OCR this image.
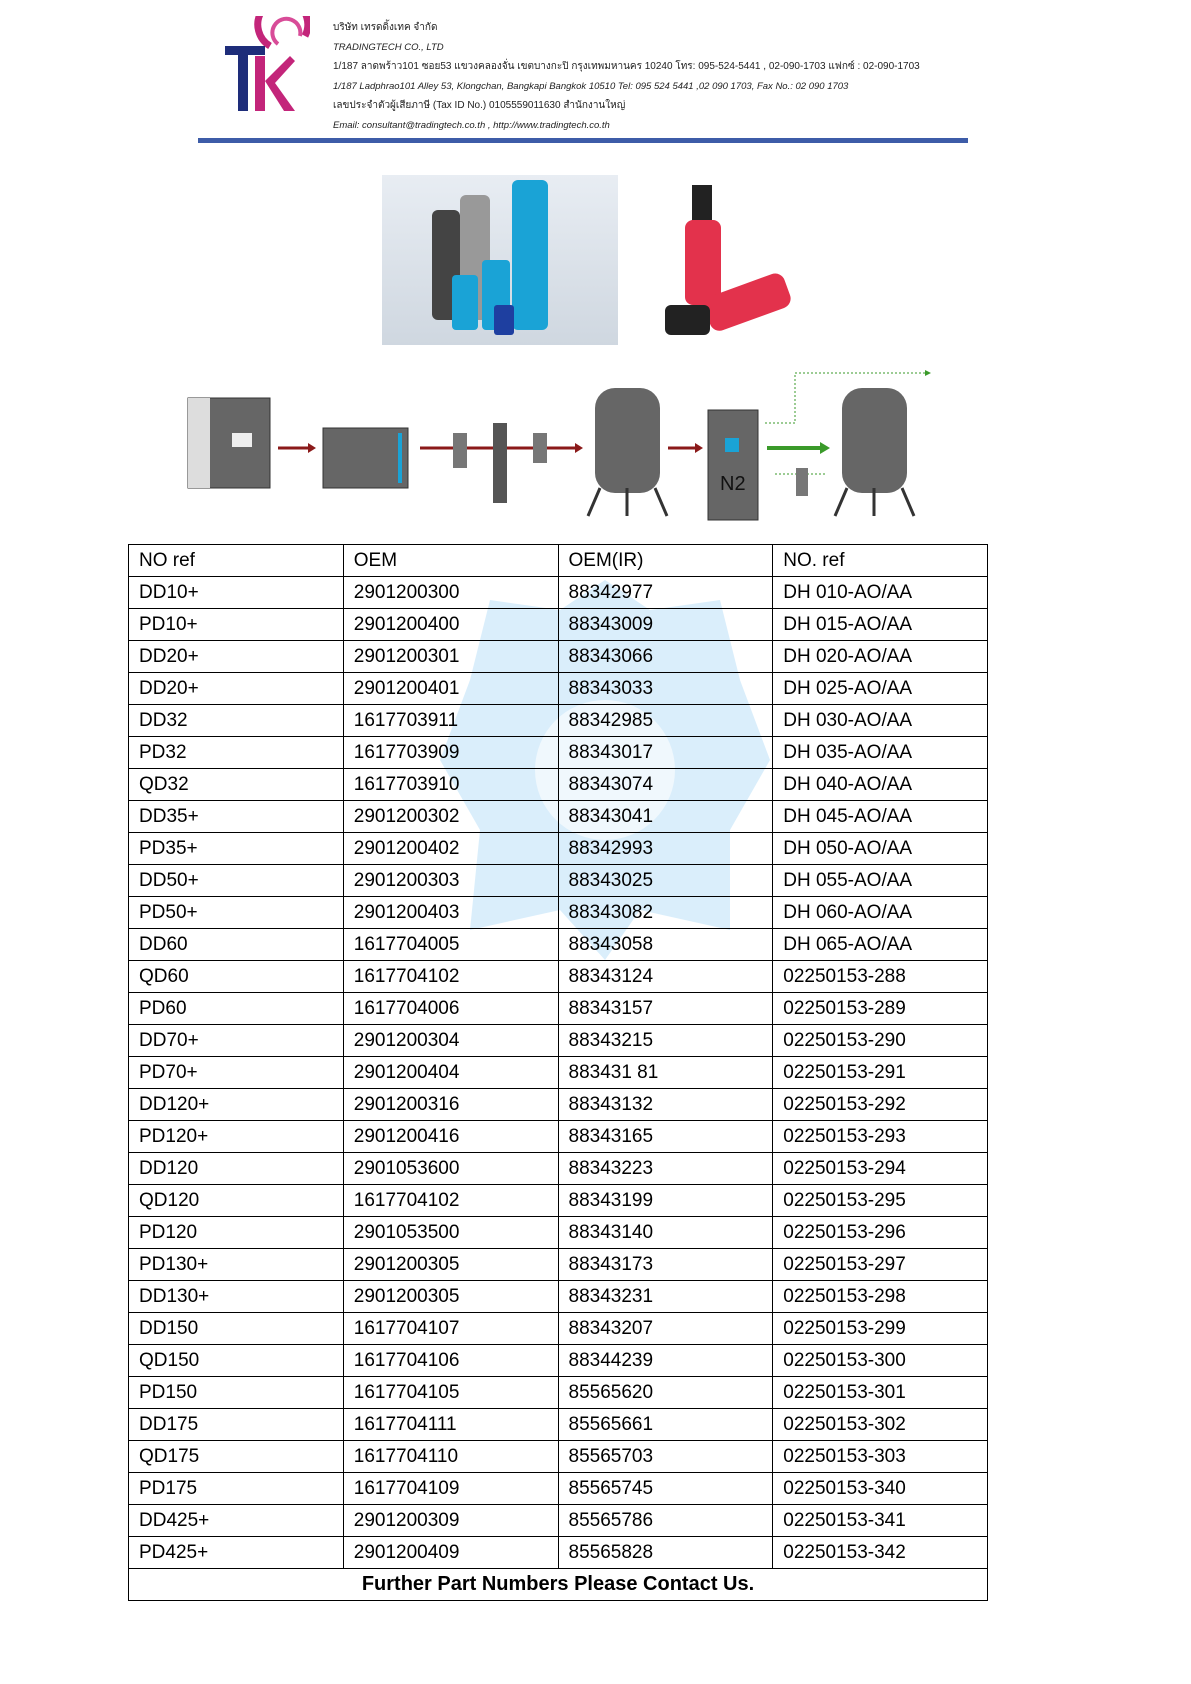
บริษัท เทรดดิ้งเทค จำกัด
TRADINGTECH CO., LTD
1/187 ลาดพร้าว101 ซอย53 แขวงคลองจั่น เขตบางกะปิ กรุงเทพมหานคร 10240 โทร: 095-524-5441 , 02-090-1703 แฟกซ์ : 02-090-1703
1/187 Ladphrao101 Alley 53, Klongchan, Bangkapi Bangkok 10510 Tel: 095 524 5441 ,02 090 1703, Fax No.: 02 090 1703
เลขประจำตัวผู้เสียภาษี (Tax ID No.) 0105559011630 สำนักงานใหญ่
Email: consultant@tradingtech.co.th , http://www.tradingtech.co.th
N2
NO ref	OEM	OEM(IR)	NO. ref
DD10+	2901200300	88342977	DH 010-AO/AA
PD10+	2901200400	88343009	DH 015-AO/AA
DD20+	2901200301	88343066	DH 020-AO/AA
DD20+	2901200401	88343033	DH 025-AO/AA
DD32	1617703911	88342985	DH 030-AO/AA
PD32	1617703909	88343017	DH 035-AO/AA
QD32	1617703910	88343074	DH 040-AO/AA
DD35+	2901200302	88343041	DH 045-AO/AA
PD35+	2901200402	88342993	DH 050-AO/AA
DD50+	2901200303	88343025	DH 055-AO/AA
PD50+	2901200403	88343082	DH 060-AO/AA
DD60	1617704005	88343058	DH 065-AO/AA
QD60	1617704102	88343124	02250153-288
PD60	1617704006	88343157	02250153-289
DD70+	2901200304	88343215	02250153-290
PD70+	2901200404	883431 81	02250153-291
DD120+	2901200316	88343132	02250153-292
PD120+	2901200416	88343165	02250153-293
DD120	2901053600	88343223	02250153-294
QD120	1617704102	88343199	02250153-295
PD120	2901053500	88343140	02250153-296
PD130+	2901200305	88343173	02250153-297
DD130+	2901200305	88343231	02250153-298
DD150	1617704107	88343207	02250153-299
QD150	1617704106	88344239	02250153-300
PD150	1617704105	85565620	02250153-301
DD175	1617704111	85565661	02250153-302
QD175	1617704110	85565703	02250153-303
PD175	1617704109	85565745	02250153-340
DD425+	2901200309	85565786	02250153-341
PD425+	2901200409	85565828	02250153-342
Further Part Numbers Please Contact Us.			
